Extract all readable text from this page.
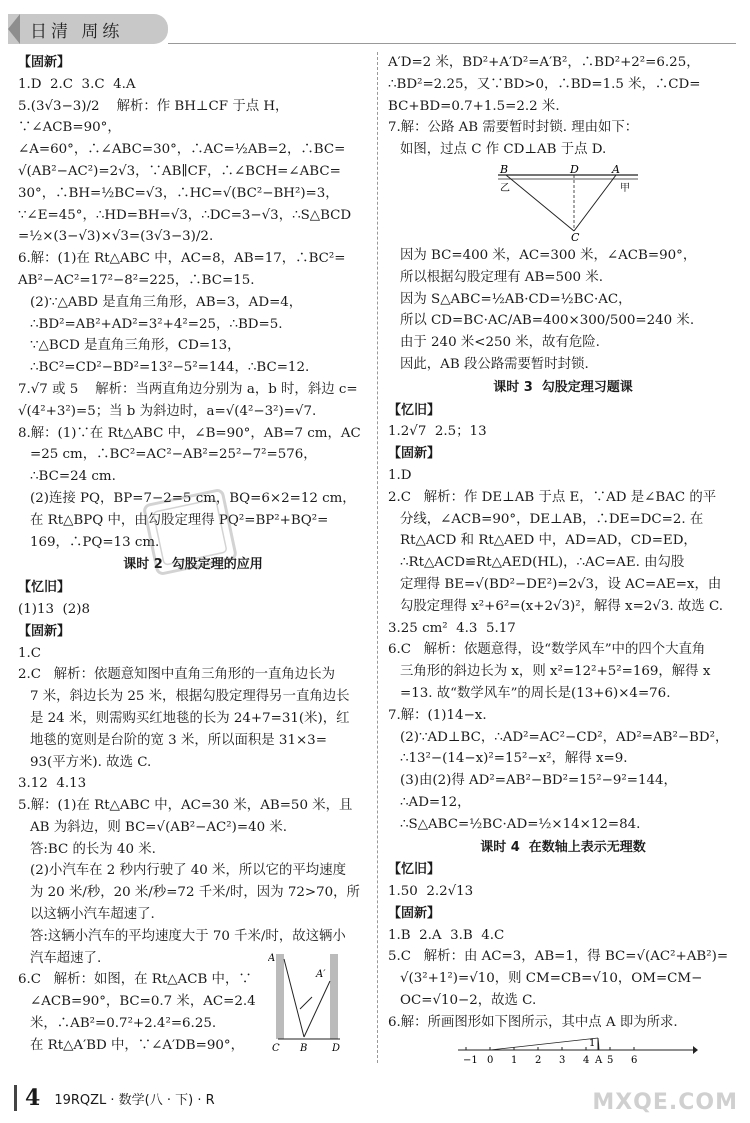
日清 周练
【固新】
1.D  2.C  3.C  4.A
5.(3√3−3)/2    解析：作 BH⊥CF 于点 H，∵∠ACB=90°，
∠A=60°，∴∠ABC=30°，∴AC=½AB=2，∴BC=
√(AB²−AC²)=2√3，∵AB∥CF，∴∠BCH=∠ABC=
30°，∴BH=½BC=√3，∴HC=√(BC²−BH²)=3，
∵∠E=45°，∴HD=BH=√3，∴DC=3−√3，∴S△BCD
=½×(3−√3)×√3=(3√3−3)/2.
6.解：(1)在 Rt△ABC 中，AC=8，AB=17，∴BC²=
AB²−AC²=17²−8²=225，∴BC=15.
(2)∵△ABD 是直角三角形，AB=3，AD=4，
∴BD²=AB²+AD²=3²+4²=25，∴BD=5.
∵△BCD 是直角三角形，CD=13，
∴BC²=CD²−BD²=13²−5²=144，∴BC=12.
7.√7 或 5    解析：当两直角边分别为 a，b 时，斜边 c=
√(4²+3²)=5；当 b 为斜边时，a=√(4²−3²)=√7.
8.解：(1)∵在 Rt△ABC 中，∠B=90°，AB=7 cm，AC
=25 cm，∴BC²=AC²−AB²=25²−7²=576，
∴BC=24 cm.
(2)连接 PQ，BP=7−2=5 cm，BQ=6×2=12 cm，
在 Rt△BPQ 中，由勾股定理得 PQ²=BP²+BQ²=
169，∴PQ=13 cm.
课时 2  勾股定理的应用
【忆旧】
(1)13  (2)8
【固新】
1.C
2.C   解析：依题意知图中直角三角形的一直角边长为
7 米，斜边长为 25 米，根据勾股定理得另一直角边长
是 24 米，则需购买红地毯的长为 24+7=31(米)，红
地毯的宽则是台阶的宽 3 米，所以面积是 31×3=
93(平方米). 故选 C.
3.12  4.13
5.解：(1)在 Rt△ABC 中，AC=30 米，AB=50 米，且
AB 为斜边，则 BC=√(AB²−AC²)=40 米.
答:BC 的长为 40 米.
(2)小汽车在 2 秒内行驶了 40 米，所以它的平均速度
为 20 米/秒，20 米/秒=72 千米/时，因为 72>70，所
以这辆小汽车超速了.
答:这辆小汽车的平均速度大于 70 千米/时，故这辆小
汽车超速了.
6.C   解析：如图，在 Rt△ACB 中，∵
∠ACB=90°，BC=0.7 米，AC=2.4
米，∴AB²=0.7²+2.4²=6.25.
在 Rt△A′BD 中，∵∠A′DB=90°，
A
A′
C B D
A′D=2 米，BD²+A′D²=A′B²，∴BD²+2²=6.25，
∴BD²=2.25，又∵BD>0，∴BD=1.5 米，∴CD=
BC+BD=0.7+1.5=2.2 米.
7.解：公路 AB 需要暂时封锁. 理由如下：
如图，过点 C 作 CD⊥AB 于点 D.
B	D	A
乙	甲
C
因为 BC=400 米，AC=300 米，∠ACB=90°，
所以根据勾股定理有 AB=500 米.
因为 S△ABC=½AB·CD=½BC·AC，
所以 CD=BC·AC/AB=400×300/500=240 米.
由于 240 米<250 米，故有危险.
因此，AB 段公路需要暂时封锁.
课时 3  勾股定理习题课
【忆旧】
1.2√7  2.5；13
【固新】
1.D
2.C   解析：作 DE⊥AB 于点 E，∵AD 是∠BAC 的平
分线，∠ACB=90°，DE⊥AB，∴DE=DC=2. 在
Rt△ACD 和 Rt△AED 中，AD=AD，CD=ED，
∴Rt△ACD≌Rt△AED(HL)，∴AC=AE. 由勾股
定理得 BE=√(BD²−DE²)=2√3，设 AC=AE=x，由
勾股定理得 x²+6²=(x+2√3)²，解得 x=2√3. 故选 C.
3.25 cm²  4.3  5.17
6.C   解析：依题意得，设“数学风车”中的四个大直角
三角形的斜边长为 x，则 x²=12²+5²=169，解得 x
=13. 故“数学风车”的周长是(13+6)×4=76.
7.解：(1)14−x.
(2)∵AD⊥BC，∴AD²=AC²−CD²，AD²=AB²−BD²，
∴13²−(14−x)²=15²−x²，解得 x=9.
(3)由(2)得 AD²=AB²−BD²=15²−9²=144，
∴AD=12，
∴S△ABC=½BC·AD=½×14×12=84.
课时 4  在数轴上表示无理数
【忆旧】
1.50  2.2√13
【固新】
1.B  2.A  3.B  4.C
5.C   解析：由 AC=3，AB=1，得 BC=√(AC²+AB²)=
√(3²+1²)=√10，则 CM=CB=√10，OM=CM−
OC=√10−2，故选 C.
6.解：所画图形如下图所示，其中点 A 即为所求.
−1 0 1 2 3 4 A 5 6
1
4 19RQZL · 数学(八 · 下) · R	MXQE.COM
